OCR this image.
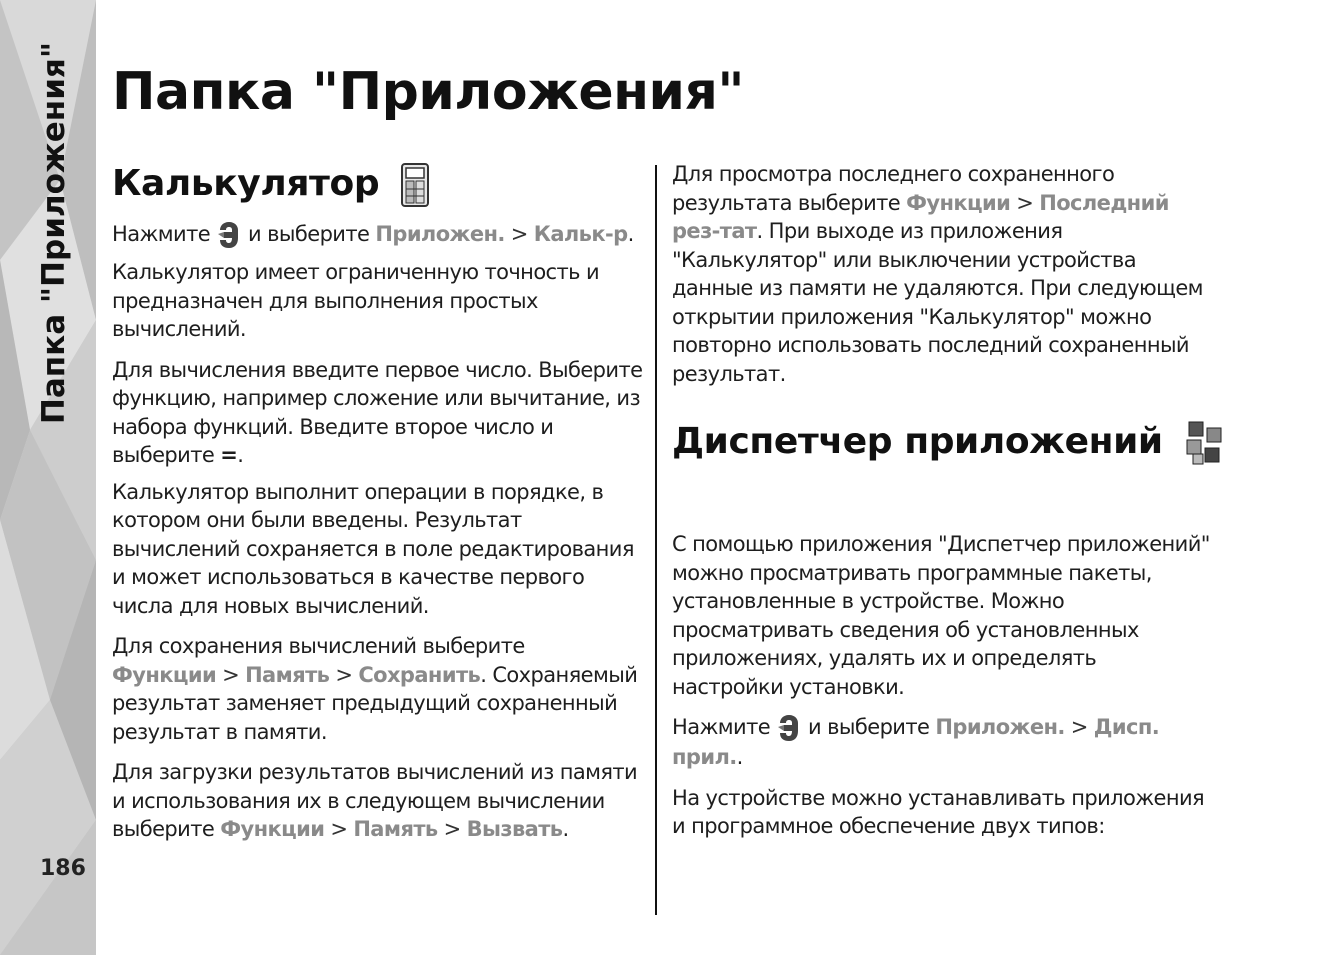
Папка "Приложения"
186
Папка "Приложения"
Калькулятор

Нажмите и выберите Приложен. > Кальк-р.

Калькулятор имеет ограниченную точность и предназначен для выполнения простых вычислений.

Для вычисления введите первое число. Выберите функцию, например сложение или вычитание, из набора функций. Введите второе число и выберите =.

Калькулятор выполнит операции в порядке, в котором они были введены. Результат вычислений сохраняется в поле редактирования и может использоваться в качестве первого числа для новых вычислений.

Для сохранения вычислений выберите Функции > Память > Сохранить. Сохраняемый результат заменяет предыдущий сохраненный результат в памяти.

Для загрузки результатов вычислений из памяти и использования их в следующем вычислении выберите Функции > Память > Вызвать.

Для просмотра последнего сохраненного результата выберите Функции > Последний рез-тат. При выходе из приложения "Калькулятор" или выключении устройства данные из памяти не удаляются. При следующем открытии приложения "Калькулятор" можно повторно использовать последний сохраненный результат.

Диспетчер приложений

С помощью приложения "Диспетчер приложений" можно просматривать программные пакеты, установленные в устройстве. Можно просматривать сведения об установленных приложениях, удалять их и определять настройки установки.

Нажмите и выберите Приложен. > Дисп. прил..

На устройстве можно устанавливать приложения и программное обеспечение двух типов:
